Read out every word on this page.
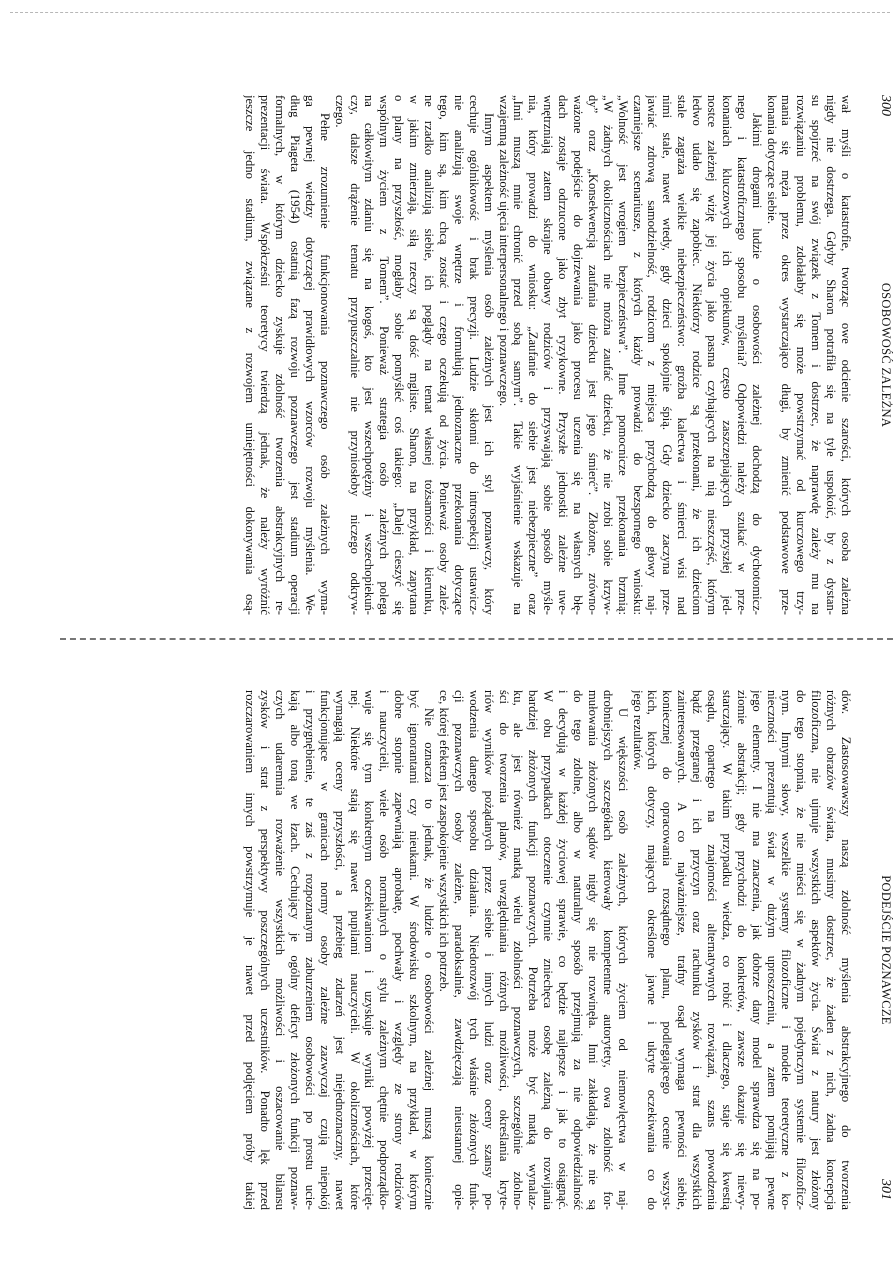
300
OSOBOWOŚĆ ZALEŻNA
wał myśli o katastrofie, tworząc owe odcienie szarości, których osoba zależna
nigdy nie dostrzega. Gdyby Sharon potrafiła się na tyle uspokoić, by z dystan-
su spojrzeć na swój związek z Tomem i dostrzec, że naprawdę zależy mu na
rozwiązaniu problemu, zdołałaby się może powstrzymać od kurczowego trzy-
mania się męża przez okres wystarczająco długi, by zmienić podstawowe prze-
konania dotyczące siebie.
Jakimi drogami ludzie o osobowości zależnej dochodzą do dychotomicz-
nego i katastroficznego sposobu myślenia? Odpowiedzi należy szukać w prze-
konaniach kluczowych ich opiekunów, często zaszczepiających przyszłej jed-
nostce zależnej wizję jej życia jako pasma czyhających na nią nieszczęść, którym
ledwo udało się zapobiec. Niektórzy rodzice są przekonani, że ich dzieciom
stale zagraża wielkie niebezpieczeństwo: groźba kalectwa i śmierci wisi nad
nimi stale, nawet wtedy, gdy dzieci spokojnie śpią. Gdy dziecko zaczyna prze-
jawiać zdrową samodzielność, rodzicom z miejsca przychodzą do głowy naj-
czarniejsze scenariusze, z których każdy prowadzi do bezspornego wniosku:
„Wolność jest wrogiem bezpieczeństwa”. Inne pomocnicze przekonania brzmią:
„W żadnych okolicznościach nie można zaufać dziecku, że nie zrobi sobie krzyw-
dy” oraz „Konsekwencją zaufania dziecku jest jego śmierć”. Złożone, zrówno-
ważone podejście do dojrzewania jako procesu uczenia się na własnych błę-
dach zostaje odrzucone jako zbyt ryzykowne. Przyszłe jednostki zależne uwe-
wnętrzniają zatem skrajne obawy rodziców i przyswajają sobie sposób myśle-
nia, który prowadzi do wniosku: „Zaufanie do siebie jest niebezpieczne” oraz
„Inni muszą mnie chronić przed sobą samym”. Takie wyjaśnienie wskazuje na
wzajemną zależność ujęcia interpersonalnego i poznawczego.
Innym aspektem myślenia osób zależnych jest ich styl poznawczy, który
cechuje ogólnikowość i brak precyzji. Ludzie skłonni do introspekcji ustawicz-
nie analizują swoje wnętrze i formułują jednoznaczne przekonania dotyczące
tego, kim są, kim chcą zostać i czego oczekują od życia. Ponieważ osoby zależ-
ne rzadko analizują siebie, ich poglądy na temat własnej tożsamości i kierunku,
w jakim zmierzają, siłą rzeczy są dość mgliste. Sharon, na przykład, zapytana
o plany na przyszłość, mogłaby sobie pomyśleć coś takiego: „Dalej cieszyć się
wspólnym życiem z Tomem”. Ponieważ strategia osób zależnych polega
na całkowitym zdaniu się na kogoś, kto jest wszechpotężny i wszechopiekuń-
czy, dalsze drążenie tematu przypuszczalnie nie przyniosłoby niczego odkryw-
czego.
Pełne zrozumienie funkcjonowania poznawczego osób zależnych wyma-
ga pewnej wiedzy dotyczącej prawidłowych wzorców rozwoju myślenia. We-
dług Piageta (1954) ostatnią fazą rozwoju poznawczego jest stadium operacji
formalnych, w którym dziecko zyskuje zdolność tworzenia abstrakcyjnych re-
prezentacji świata. Współcześni teoretycy twierdzą jednak, że należy wyróżnić
jeszcze jedno stadium, związane z rozwojem umiejętności dokonywania osą-
PODEJŚCIE POZNAWCZE
301
dów. Zastosowawszy naszą zdolność myślenia abstrakcyjnego do tworzenia
różnych obrazów świata, musimy dostrzec, że żaden z nich, żadna koncepcja
filozoficzna, nie ujmuje wszystkich aspektów życia. Świat z natury jest złożony
do tego stopnia, że nie mieści się w żadnym pojedynczym systemie filozoficz-
nym. Innymi słowy, wszelkie systemy filozoficzne i modele teoretyczne z ko-
nieczności prezentują świat w dużym uproszczeniu, a zatem pomijają pewne
jego elementy. I nie ma znaczenia, jak dobrze dany model sprawdza się na po-
ziomie abstrakcji; gdy przychodzi do konkretów, zawsze okazuje się niewy-
starczający. W takim przypadku wiedza, co robić i dlaczego, staje się kwestią
osądu, opartego na znajomości alternatywnych rozwiązań, szans powodzenia
bądź przegranej i ich przyczyn oraz rachunku zysków i strat dla wszystkich
zainteresowanych. A co najważniejsze, trafny osąd wymaga pewności siebie,
koniecznej do opracowania rozsądnego planu, podlegającego ocenie wszyst-
kich, których dotyczy, mających określone jawne i ukryte oczekiwania co do
jego rezultatów.
U większości osób zależnych, których życiem od niemowlęctwa w naj-
drobniejszych szczegółach kierowały kompetentne autorytety, owa zdolność for-
mułowania złożonych sądów nigdy się nie rozwinęła. Inni zakładają, że nie są
do tego zdolne, albo w naturalny sposób przejmują za nie odpowiedzialność
i decydują w każdej życiowej sprawie, co będzie najlepsze i jak to osiągnąć.
W obu przypadkach otoczenie czynnie zniechęca osobę zależną do rozwijania
bardziej złożonych funkcji poznawczych. Potrzeba może być matką wynalaz-
ku, ale jest również matką wielu zdolności poznawczych, szczególnie zdolno-
ści do tworzenia planów, uwzględniania różnych możliwości, określania kryte-
riów wyników pożądanych przez siebie i innych ludzi oraz oceny szansy po-
wodzenia danego sposobu działania. Niedorozwój tych właśnie złożonych funk-
cji poznawczych osoby zależne, paradoksalnie, zawdzięczają nieustannej opie-
ce, której efektem jest zaspokojenie wszystkich ich potrzeb.
Nie oznacza to jednak, że ludzie o osobowości zależnej muszą koniecznie
być ignorantami czy nieukami. W środowisku szkolnym, na przykład, w którym
dobre stopnie zapewniają aprobatę, pochwały i względy ze strony rodziców
i nauczycieli, wiele osób normalnych o stylu zależnym chętnie podporządko-
wuje się tym konkretnym oczekiwaniom i uzyskuje wyniki powyżej przecięt-
nej. Niektóre stają się nawet pupilami nauczycieli. W okolicznościach, które
wymagają oceny przyszłości, a przebieg zdarzeń jest niejednoznaczny, nawet
funkcjonujące w granicach normy osoby zależne zazwyczaj czują niepokój
i przygnębienie, te zaś z rozpoznanym zaburzeniem osobowości po prostu ucie-
kają albo toną we łzach. Cechujący je ogólny deficyt złożonych funkcji poznaw-
czych udaremnia rozważenie wszystkich możliwości i oszacowanie bilansu
zysków i strat z perspektywy poszczególnych uczestników. Ponadto lęk przed
rozczarowaniem innych powstrzymuje je nawet przed podjęciem próby takiej
